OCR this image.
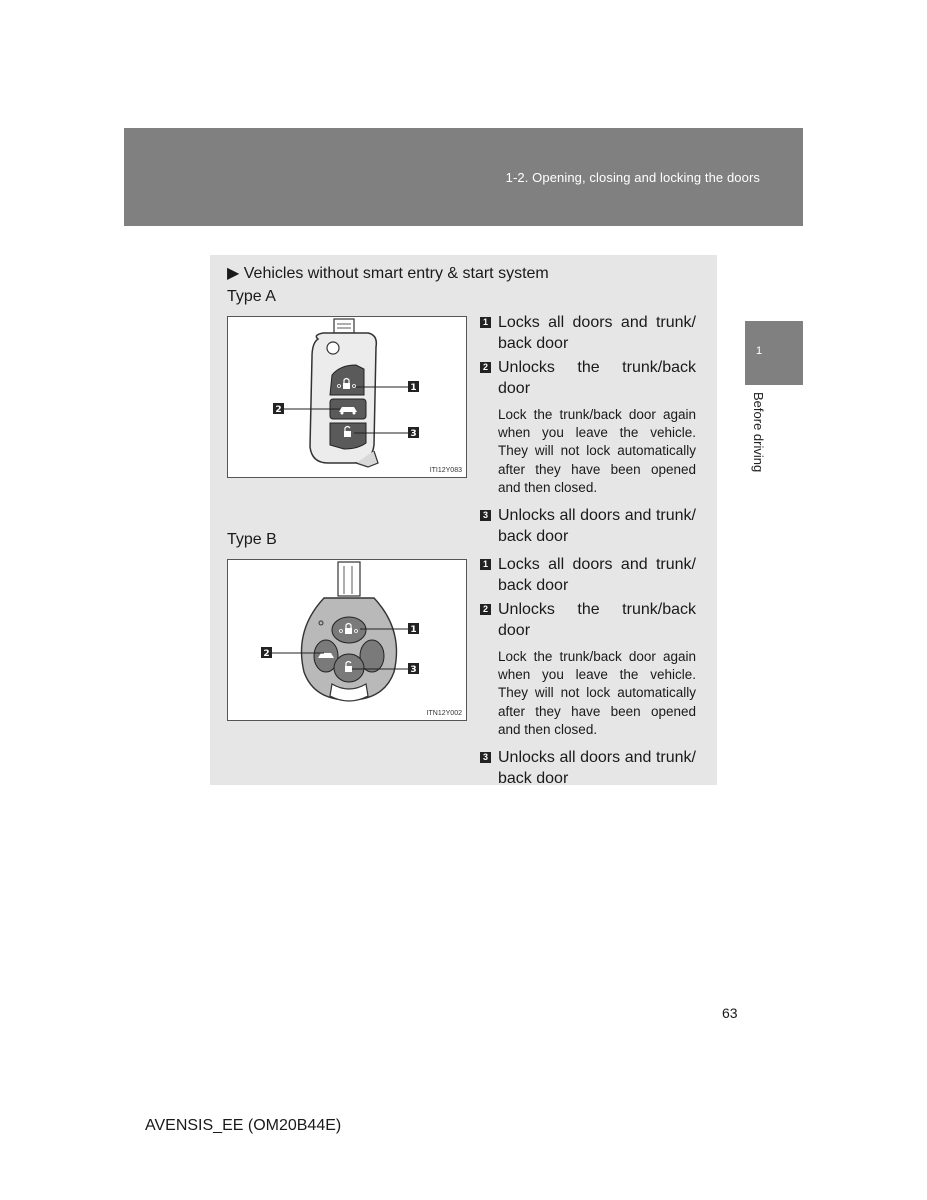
1-2. Opening, closing and locking the doors
1
Before driving
▶ Vehicles without smart entry & start system
Type A
1
2
3
ITI12Y083
1 Locks all doors and trunk/ back door
2 Unlocks the trunk/back door
Lock the trunk/back door again when you leave the vehicle. They will not lock automatically after they have been opened and then closed.
3 Unlocks all doors and trunk/ back door
Type B
1
2
3
ITN12Y002
1 Locks all doors and trunk/ back door
2 Unlocks the trunk/back door
Lock the trunk/back door again when you leave the vehicle. They will not lock automatically after they have been opened and then closed.
3 Unlocks all doors and trunk/ back door
63
AVENSIS_EE (OM20B44E)
